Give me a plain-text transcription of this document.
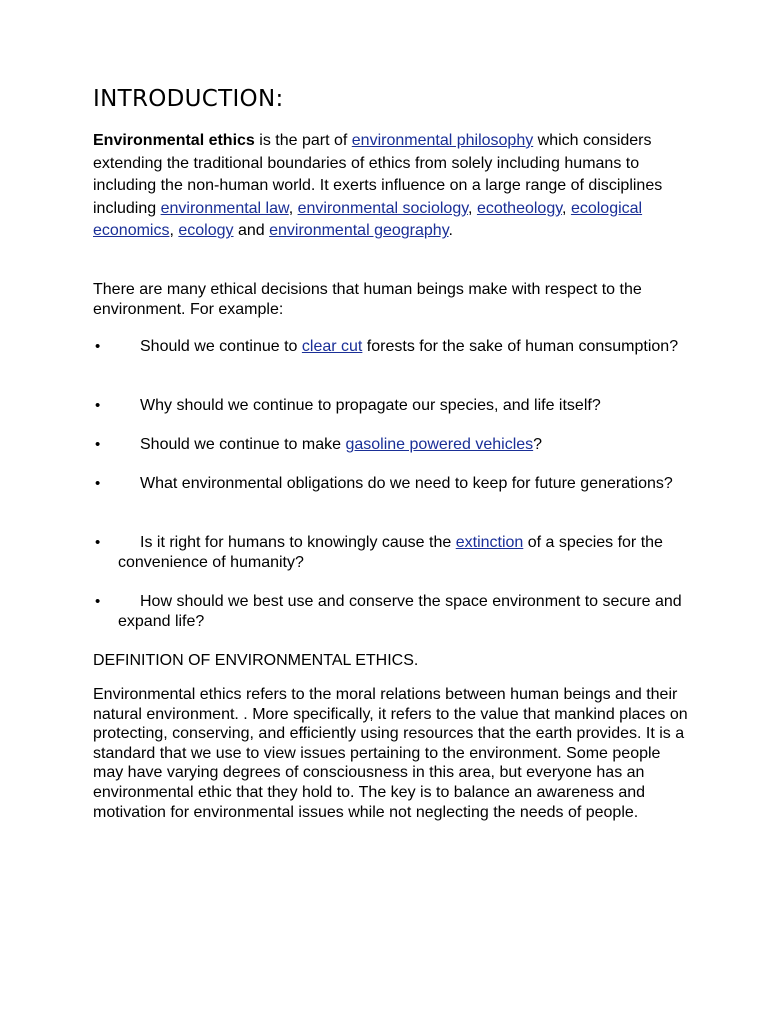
INTRODUCTION:

Environmental ethics is the part of environmental philosophy which considers extending the traditional boundaries of ethics from solely including humans to including the non-human world. It exerts influence on a large range of disciplines including environmental law, environmental sociology, ecotheology, ecological economics, ecology and environmental geography.

There are many ethical decisions that human beings make with respect to the environment. For example:

•	Should we continue to clear cut forests for the sake of human consumption?
•	Why should we continue to propagate our species, and life itself?
•	Should we continue to make gasoline powered vehicles?
•	What environmental obligations do we need to keep for future generations?
•	Is it right for humans to knowingly cause the extinction of a species for the convenience of humanity?
•	How should we best use and conserve the space environment to secure and expand life?

DEFINITION OF ENVIRONMENTAL ETHICS.

Environmental ethics refers to the moral relations between human beings and their natural environment. . More specifically, it refers to the value that mankind places on protecting, conserving, and efficiently using resources that the earth provides. It is a standard that we use to view issues pertaining to the environment. Some people may have varying degrees of consciousness in this area, but everyone has an environmental ethic that they hold to. The key is to balance an awareness and motivation for environmental issues while not neglecting the needs of people.
